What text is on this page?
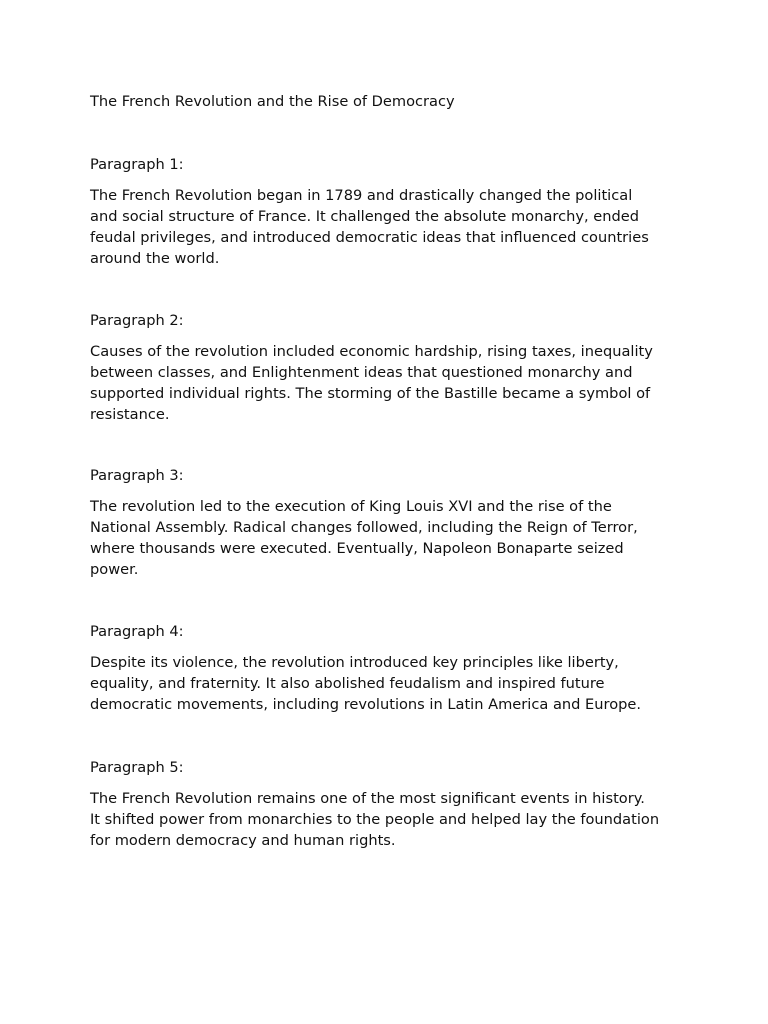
The French Revolution and the Rise of Democracy
Paragraph 1:

The French Revolution began in 1789 and drastically changed the political
and social structure of France. It challenged the absolute monarchy, ended
feudal privileges, and introduced democratic ideas that influenced countries
around the world.

Paragraph 2:

Causes of the revolution included economic hardship, rising taxes, inequality
between classes, and Enlightenment ideas that questioned monarchy and
supported individual rights. The storming of the Bastille became a symbol of
resistance.

Paragraph 3:

The revolution led to the execution of King Louis XVI and the rise of the
National Assembly. Radical changes followed, including the Reign of Terror,
where thousands were executed. Eventually, Napoleon Bonaparte seized
power.

Paragraph 4:

Despite its violence, the revolution introduced key principles like liberty,
equality, and fraternity. It also abolished feudalism and inspired future
democratic movements, including revolutions in Latin America and Europe.

Paragraph 5:

The French Revolution remains one of the most significant events in history.
It shifted power from monarchies to the people and helped lay the foundation
for modern democracy and human rights.
